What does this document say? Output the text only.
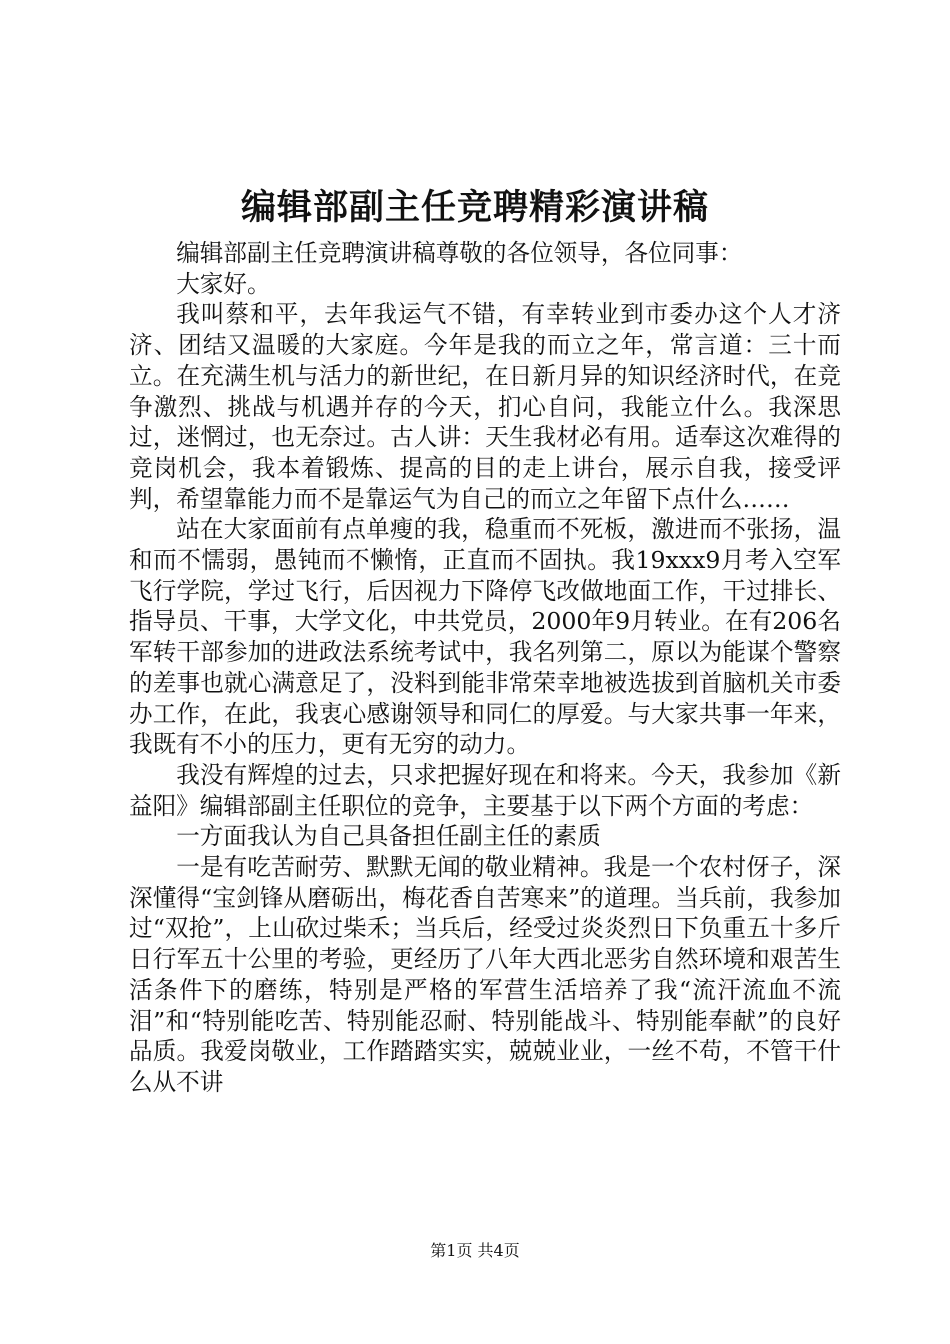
编辑部副主任竞聘精彩演讲稿

编辑部副主任竞聘演讲稿尊敬的各位领导，各位同事：

大家好。

我叫蔡和平，去年我运气不错，有幸转业到市委办这个人才济济、团结又温暖的大家庭。今年是我的而立之年，常言道：三十而立。在充满生机与活力的新世纪，在日新月异的知识经济时代，在竞争激烈、挑战与机遇并存的今天，扪心自问，我能立什么。我深思过，迷惘过，也无奈过。古人讲：天生我材必有用。适奉这次难得的竞岗机会，我本着锻炼、提高的目的走上讲台，展示自我，接受评判，希望靠能力而不是靠运气为自己的而立之年留下点什么……

站在大家面前有点单瘦的我，稳重而不死板，激进而不张扬，温和而不懦弱，愚钝而不懒惰，正直而不固执。我19xxx9月考入空军飞行学院，学过飞行，后因视力下降停飞改做地面工作，干过排长、指导员、干事，大学文化，中共党员，2000年9月转业。在有206名军转干部参加的进政法系统考试中，我名列第二，原以为能谋个警察的差事也就心满意足了，没料到能非常荣幸地被选拔到首脑机关市委办工作，在此，我衷心感谢领导和同仁的厚爱。与大家共事一年来，我既有不小的压力，更有无穷的动力。

我没有辉煌的过去，只求把握好现在和将来。今天，我参加《新益阳》编辑部副主任职位的竞争，主要基于以下两个方面的考虑：

一方面我认为自己具备担任副主任的素质

一是有吃苦耐劳、默默无闻的敬业精神。我是一个农村伢子，深深懂得“宝剑锋从磨砺出，梅花香自苦寒来”的道理。当兵前，我参加过“双抢”，上山砍过柴禾；当兵后，经受过炎炎烈日下负重五十多斤日行军五十公里的考验，更经历了八年大西北恶劣自然环境和艰苦生活条件下的磨练，特别是严格的军营生活培养了我“流汗流血不流泪”和“特别能吃苦、特别能忍耐、特别能战斗、特别能奉献”的良好品质。我爱岗敬业，工作踏踏实实，兢兢业业，一丝不苟，不管干什么从不讲

第1页 共4页
